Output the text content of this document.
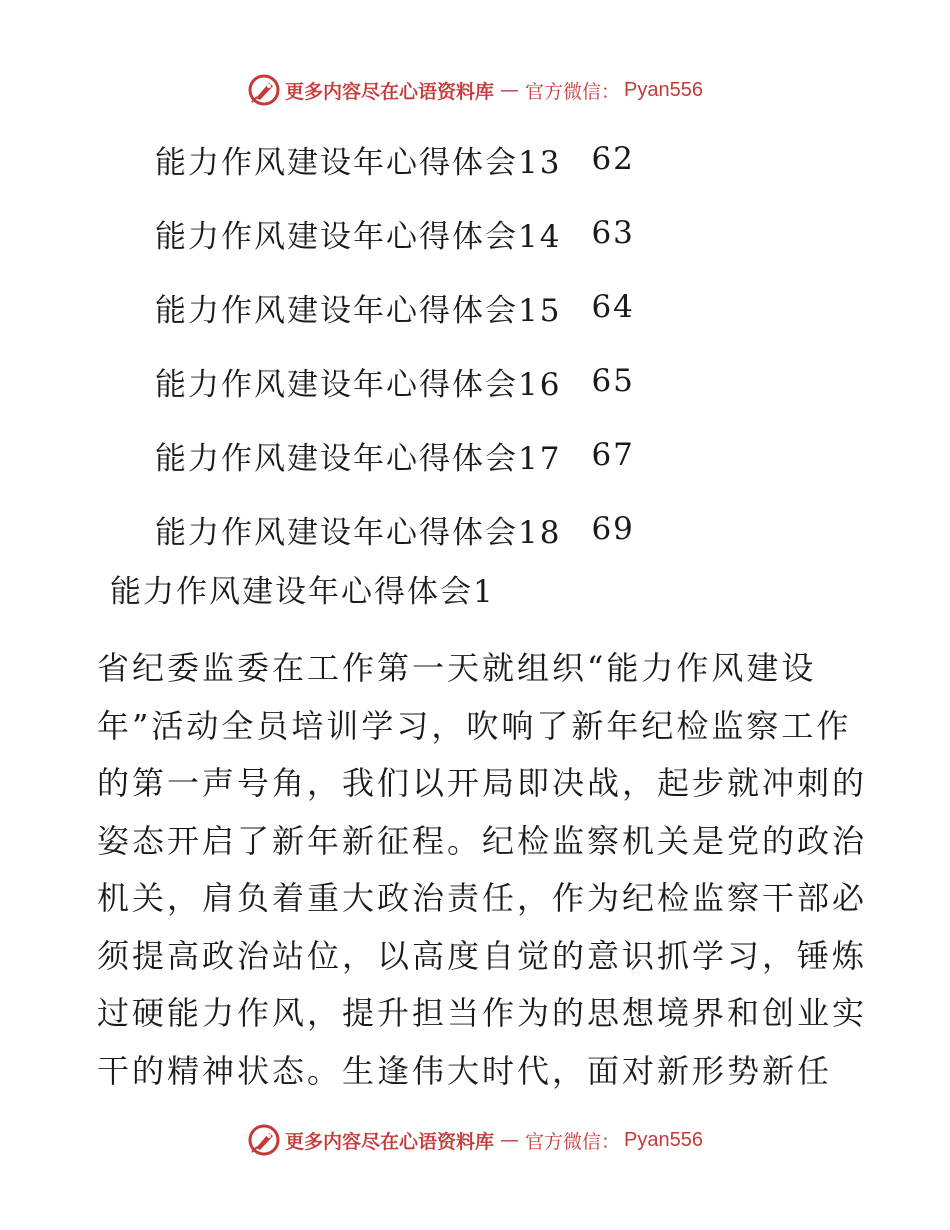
更多内容尽在心语资料库 — 官方微信： Pyan556
能力作风建设年心得体会13 62
能力作风建设年心得体会14 63
能力作风建设年心得体会15 64
能力作风建设年心得体会16 65
能力作风建设年心得体会17 67
能力作风建设年心得体会18 69
能力作风建设年心得体会1
省纪委监委在工作第一天就组织“能力作风建设
年”活动全员培训学习，吹响了新年纪检监察工作
的第一声号角，我们以开局即决战，起步就冲刺的
姿态开启了新年新征程。纪检监察机关是党的政治
机关，肩负着重大政治责任，作为纪检监察干部必
须提高政治站位，以高度自觉的意识抓学习，锤炼
过硬能力作风，提升担当作为的思想境界和创业实
干的精神状态。生逢伟大时代，面对新形势新任
更多内容尽在心语资料库 — 官方微信： Pyan556
